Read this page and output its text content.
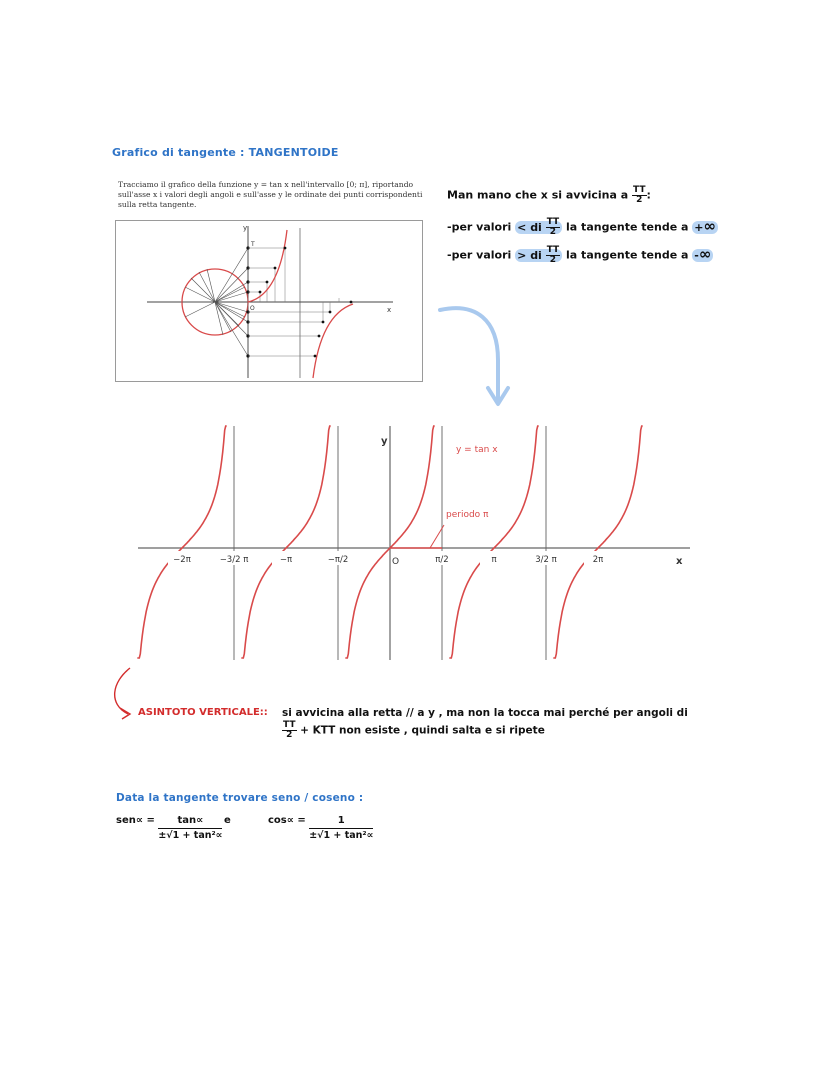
Grafico di tangente : TANGENTOIDE
Tracciamo il grafico della funzione y = tan x nell'intervallo [0; π], riportando sull'asse x i valori degli angoli e sull'asse y le ordinate dei punti corrispondenti sulla retta tangente.
y
x
O
T
Man mano che x si avvicina a $\frac{TT}{2}$ :
-per valori < di $\frac{TT}{2}$ la tangente tende a +∞
-per valori > di $\frac{TT}{2}$ la tangente tende a -∞
y
x
O
periodo π
y = tan x
−2π	−3/2 π	−π	−π/2	π/2	π	3/2 π	2π
ASINTOTO VERTICALE:: si avvicina alla retta // a y , ma non la tocca mai perché per angoli di
$\frac{TT}{2}$ + KTT non esiste , quindi salta e si ripete
Data la tangente trovare seno / coseno :
$sen\propto = \frac{\tan\propto}{\text{±√1 + tan²∝}}$ e	$\cos\propto = \frac{1}{\text{±√1 + tan²∝}}$
